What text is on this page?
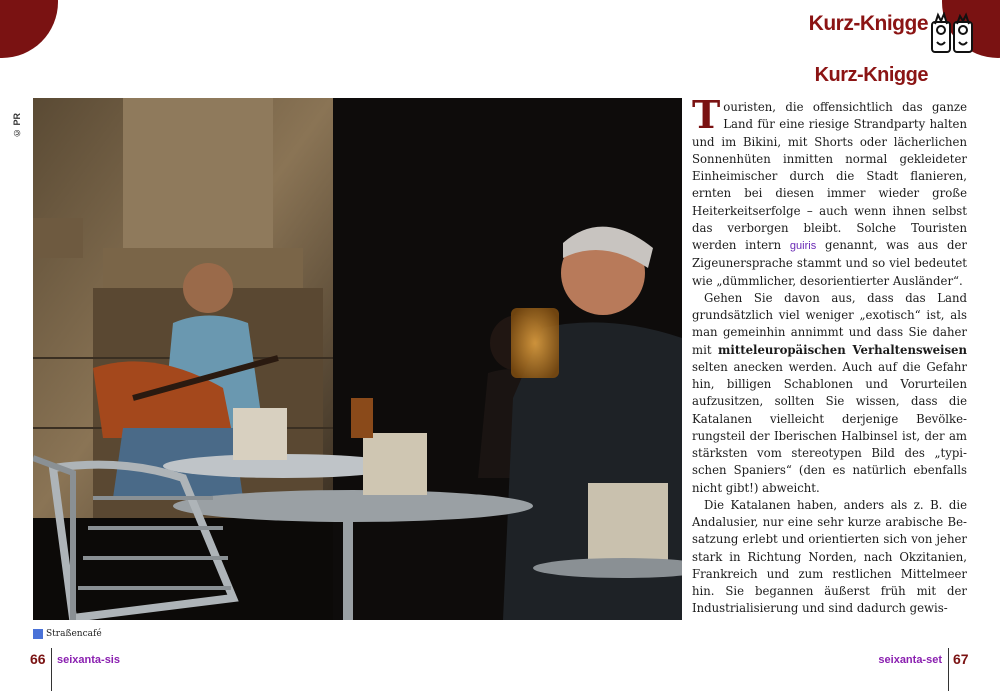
Kurz-Knigge
Kurz-Knigge
© PR
Straßencafé

Touristen, die offensichtlich das ganze Land für eine riesige Strandparty halten und im Bikini, mit Shorts oder lächerlichen Sonnenhüten inmitten normal gekleideter Einheimischer durch die Stadt flanieren, ernten bei diesen immer wieder große Heiterkeitserfolge – auch wenn ihnen selbst das verborgen bleibt. Solche Touristen werden intern guiris genannt, was aus der Zigeunersprache stammt und so viel bedeutet wie „dümmlicher, desorientierter Ausländer“.

Gehen Sie davon aus, dass das Land grundsätzlich viel weniger „exotisch“ ist, als man gemeinhin annimmt und dass Sie daher mit mitteleuropäischen Verhaltensweisen selten anecken werden. Auch auf die Gefahr hin, billigen Schablonen und Vorurteilen aufzusitzen, sollten Sie wissen, dass die Katalanen vielleicht derjenige Bevölkerungsteil der Iberischen Halbinsel ist, der am stärksten vom stereotypen Bild des „typischen Spaniers“ (den es natürlich ebenfalls nicht gibt!) abweicht.

Die Katalanen haben, anders als z. B. die Andalusier, nur eine sehr kurze arabische Besatzung erlebt und orientierten sich von jeher stark in Richtung Norden, nach Okzitanien, Frankreich und zum restlichen Mittelmeer hin. Sie begannen äußerst früh mit der Industrialisierung und sind dadurch gewis-

66 seixanta-sis	seixanta-set 67
